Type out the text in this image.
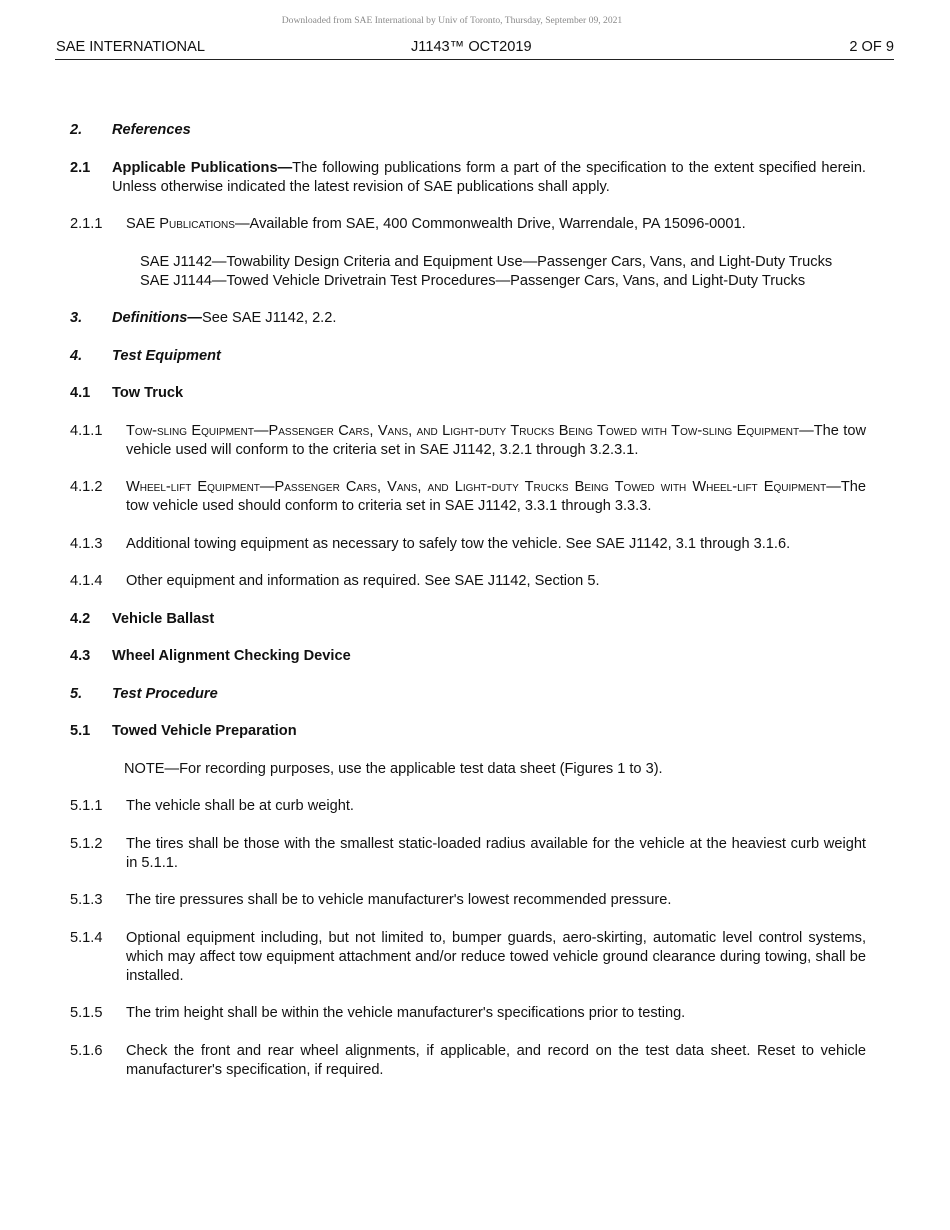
Downloaded from SAE International by Univ of Toronto, Thursday, September 09, 2021
SAE INTERNATIONAL	J1143™ OCT2019	2 OF 9
2.	References
2.1	Applicable Publications—The following publications form a part of the specification to the extent specified herein. Unless otherwise indicated the latest revision of SAE publications shall apply.
2.1.1	SAE Publications—Available from SAE, 400 Commonwealth Drive, Warrendale, PA 15096-0001.
SAE J1142—Towability Design Criteria and Equipment Use—Passenger Cars, Vans, and Light-Duty Trucks
SAE J1144—Towed Vehicle Drivetrain Test Procedures—Passenger Cars, Vans, and Light-Duty Trucks
3.	Definitions—See SAE J1142, 2.2.
4.	Test Equipment
4.1	Tow Truck
4.1.1	Tow-sling Equipment—Passenger Cars, Vans, and Light-duty Trucks Being Towed with Tow-sling Equipment—The tow vehicle used will conform to the criteria set in SAE J1142, 3.2.1 through 3.2.3.1.
4.1.2	Wheel-lift Equipment—Passenger Cars, Vans, and Light-duty Trucks Being Towed with Wheel-lift Equipment—The tow vehicle used should conform to criteria set in SAE J1142, 3.3.1 through 3.3.3.
4.1.3	Additional towing equipment as necessary to safely tow the vehicle. See SAE J1142, 3.1 through 3.1.6.
4.1.4	Other equipment and information as required. See SAE J1142, Section 5.
4.2	Vehicle Ballast
4.3	Wheel Alignment Checking Device
5.	Test Procedure
5.1	Towed Vehicle Preparation
NOTE—For recording purposes, use the applicable test data sheet (Figures 1 to 3).
5.1.1	The vehicle shall be at curb weight.
5.1.2	The tires shall be those with the smallest static-loaded radius available for the vehicle at the heaviest curb weight in 5.1.1.
5.1.3	The tire pressures shall be to vehicle manufacturer's lowest recommended pressure.
5.1.4	Optional equipment including, but not limited to, bumper guards, aero-skirting, automatic level control systems, which may affect tow equipment attachment and/or reduce towed vehicle ground clearance during towing, shall be installed.
5.1.5	The trim height shall be within the vehicle manufacturer's specifications prior to testing.
5.1.6	Check the front and rear wheel alignments, if applicable, and record on the test data sheet. Reset to vehicle manufacturer's specification, if required.
